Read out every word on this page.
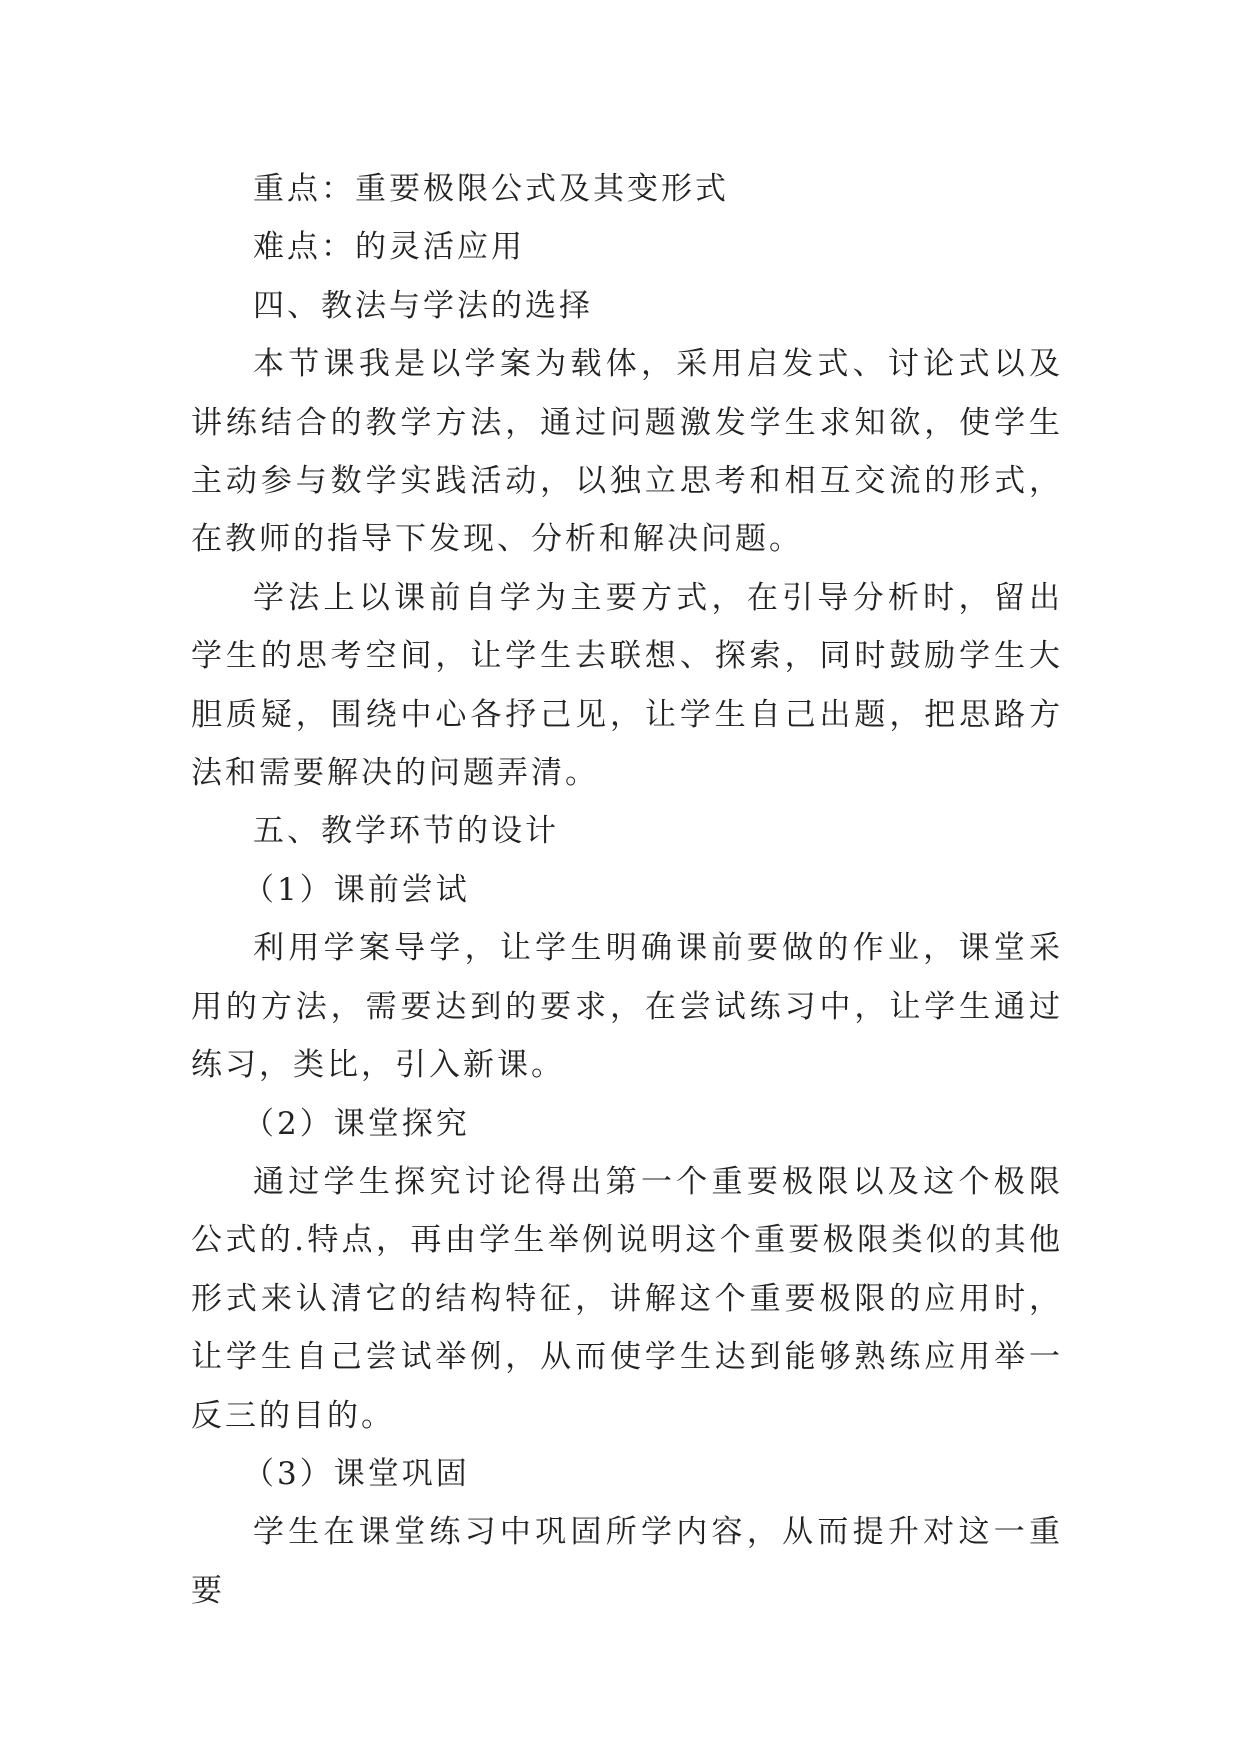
重点：重要极限公式及其变形式

难点：的灵活应用

四、教法与学法的选择

本节课我是以学案为载体，采用启发式、讨论式以及讲练结合的教学方法，通过问题激发学生求知欲，使学生主动参与数学实践活动，以独立思考和相互交流的形式，在教师的指导下发现、分析和解决问题。

学法上以课前自学为主要方式，在引导分析时，留出学生的思考空间，让学生去联想、探索，同时鼓励学生大胆质疑，围绕中心各抒己见，让学生自己出题，把思路方法和需要解决的问题弄清。

五、教学环节的设计

（1）课前尝试

利用学案导学，让学生明确课前要做的作业，课堂采用的方法，需要达到的要求，在尝试练习中，让学生通过练习，类比，引入新课。

（2）课堂探究

通过学生探究讨论得出第一个重要极限以及这个极限公式的.特点，再由学生举例说明这个重要极限类似的其他形式来认清它的结构特征，讲解这个重要极限的应用时，让学生自己尝试举例，从而使学生达到能够熟练应用举一反三的目的。

（3）课堂巩固

学生在课堂练习中巩固所学内容，从而提升对这一重要
